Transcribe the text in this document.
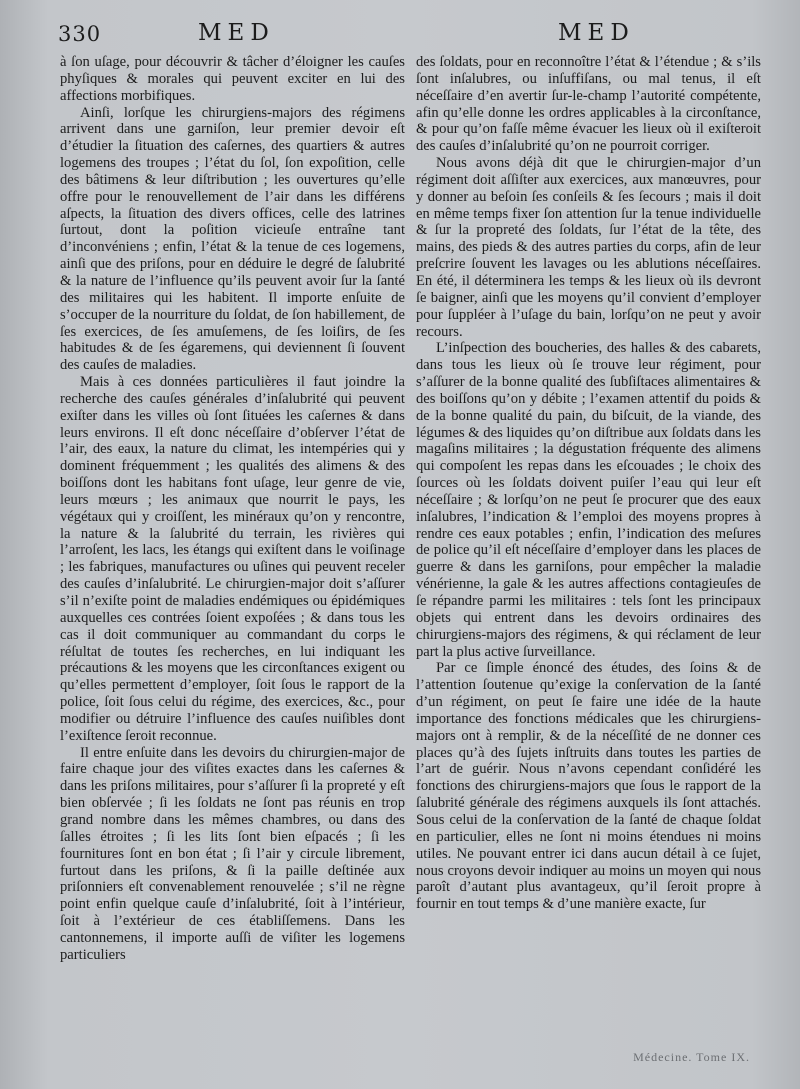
330	MED	MED

à ſon uſage, pour découvrir & tâcher d’éloigner les cauſes phyſiques & morales qui peuvent exciter en lui des affections morbifiques.

Ainſi, lorſque les chirurgiens-majors des régimens arrivent dans une garniſon, leur premier devoir eſt d’étudier la ſituation des caſernes, des quartiers & autres logemens des troupes ; l’état du ſol, ſon expoſition, celle des bâtimens & leur diſtribution ; les ouvertures qu’elle offre pour le renouvellement de l’air dans les différens aſpects, la ſituation des divers offices, celle des latrines ſurtout, dont la poſition vicieuſe entraîne tant d’inconvéniens ; enfin, l’état & la tenue de ces logemens, ainſi que des priſons, pour en déduire le degré de ſalubrité & la nature de l’influence qu’ils peuvent avoir ſur la ſanté des militaires qui les habitent. Il importe enſuite de s’occuper de la nourriture du ſoldat, de ſon habillement, de ſes exercices, de ſes amuſemens, de ſes loiſirs, de ſes habitudes & de ſes égaremens, qui deviennent ſi ſouvent des cauſes de maladies.

Mais à ces données particulières il faut joindre la recherche des cauſes générales d’inſalubrité qui peuvent exiſter dans les villes où ſont ſituées les caſernes & dans leurs environs. Il eſt donc néceſſaire d’obſerver l’état de l’air, des eaux, la nature du climat, les intempéries qui y dominent fréquemment ; les qualités des alimens & des boiſſons dont les habitans font uſage, leur genre de vie, leurs mœurs ; les animaux que nourrit le pays, les végétaux qui y croiſſent, les minéraux qu’on y rencontre, la nature & la ſalubrité du terrain, les rivières qui l’arroſent, les lacs, les étangs qui exiſtent dans le voiſinage ; les fabriques, manufactures ou uſines qui peuvent receler des cauſes d’inſalubrité. Le chirurgien-major doit s’aſſurer s’il n’exiſte point de maladies endémiques ou épidémiques auxquelles ces contrées ſoient expoſées ; & dans tous les cas il doit communiquer au commandant du corps le réſultat de toutes ſes recherches, en lui indiquant les précautions & les moyens que les circonſtances exigent ou qu’elles permettent d’employer, ſoit ſous le rapport de la police, ſoit ſous celui du régime, des exercices, &c., pour modifier ou détruire l’influence des cauſes nuiſibles dont l’exiſtence ſeroit reconnue.

Il entre enſuite dans les devoirs du chirurgien-major de faire chaque jour des viſites exactes dans les caſernes & dans les priſons militaires, pour s’aſſurer ſi la propreté y eſt bien obſervée ; ſi les ſoldats ne ſont pas réunis en trop grand nombre dans les mêmes chambres, ou dans des ſalles étroites ; ſi les lits ſont bien eſpacés ; ſi les fournitures ſont en bon état ; ſi l’air y circule librement, furtout dans les priſons, & ſi la paille deſtinée aux priſonniers eſt convenablement renouvelée ; s’il ne règne point enfin quelque cauſe d’inſalubrité, ſoit à l’intérieur, ſoit à l’extérieur de ces établiſſemens. Dans les cantonnemens, il importe auſſi de viſiter les logemens particuliers

des ſoldats, pour en reconnoître l’état & l’étendue ; & s’ils ſont inſalubres, ou inſuffiſans, ou mal tenus, il eſt néceſſaire d’en avertir ſur-le-champ l’autorité compétente, afin qu’elle donne les ordres applicables à la circonſtance, & pour qu’on faſſe même évacuer les lieux où il exiſteroit des cauſes d’inſalubrité qu’on ne pourroit corriger.

Nous avons déjà dit que le chirurgien-major d’un régiment doit aſſiſter aux exercices, aux manœuvres, pour y donner au beſoin ſes conſeils & ſes ſecours ; mais il doit en même temps fixer ſon attention ſur la tenue individuelle & ſur la propreté des ſoldats, ſur l’état de la tête, des mains, des pieds & des autres parties du corps, afin de leur preſcrire ſouvent les lavages ou les ablutions néceſſaires. En été, il déterminera les temps & les lieux où ils devront ſe baigner, ainſi que les moyens qu’il convient d’employer pour ſuppléer à l’uſage du bain, lorſqu’on ne peut y avoir recours.

L’inſpection des boucheries, des halles & des cabarets, dans tous les lieux où ſe trouve leur régiment, pour s’aſſurer de la bonne qualité des ſubſiſtaces alimentaires & des boiſſons qu’on y débite ; l’examen attentif du poids & de la bonne qualité du pain, du biſcuit, de la viande, des légumes & des liquides qu’on diſtribue aux ſoldats dans les magaſins militaires ; la dégustation fréquente des alimens qui compoſent les repas dans les eſcouades ; le choix des ſources où les ſoldats doivent puiſer l’eau qui leur eſt néceſſaire ; & lorſqu’on ne peut ſe procurer que des eaux inſalubres, l’indication & l’emploi des moyens propres à rendre ces eaux potables ; enfin, l’indication des meſures de police qu’il eſt néceſſaire d’employer dans les places de guerre & dans les garniſons, pour empêcher la maladie vénérienne, la gale & les autres affections contagieuſes de ſe répandre parmi les militaires : tels ſont les principaux objets qui entrent dans les devoirs ordinaires des chirurgiens-majors des régimens, & qui réclament de leur part la plus active ſurveillance.

Par ce ſimple énoncé des études, des ſoins & de l’attention ſoutenue qu’exige la conſervation de la ſanté d’un régiment, on peut ſe faire une idée de la haute importance des fonctions médicales que les chirurgiens-majors ont à remplir, & de la néceſſité de ne donner ces places qu’à des ſujets inſtruits dans toutes les parties de l’art de guérir. Nous n’avons cependant conſidéré les fonctions des chirurgiens-majors que ſous le rapport de la ſalubrité générale des régimens auxquels ils ſont attachés. Sous celui de la conſervation de la ſanté de chaque ſoldat en particulier, elles ne ſont ni moins étendues ni moins utiles. Ne pouvant entrer ici dans aucun détail à ce ſujet, nous croyons devoir indiquer au moins un moyen qui nous paroît d’autant plus avantageux, qu’il ſeroit propre à fournir en tout temps & d’une manière exacte, ſur

Médecine. Tome IX.
